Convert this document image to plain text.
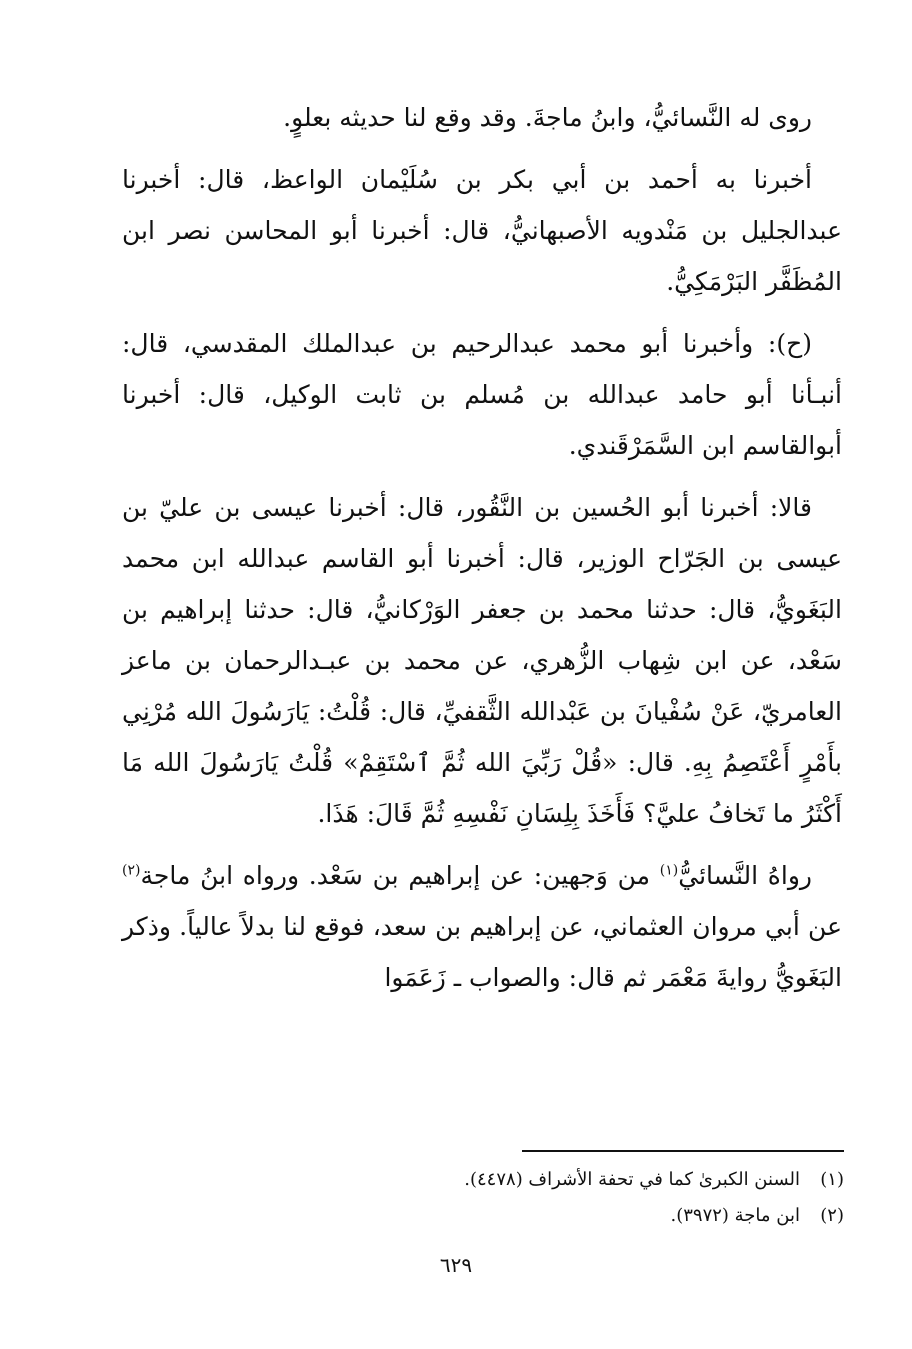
روى له النَّسائيُّ، وابنُ ماجةَ. وقد وقع لنا حديثه بعلوٍ.

أخبرنا به أحمد بن أبي بكر بن سُلَيْمان الواعظ، قال: أخبرنا عبدالجليل بن مَنْدويه الأصبهانيُّ، قال: أخبرنا أبو المحاسن نصر ابن المُظَفَّر البَرْمَكِيُّ.

(ح): وأخبرنا أبو محمد عبدالرحيم بن عبدالملك المقدسي، قال: أنبـأنا أبو حامد عبدالله بن مُسلم بن ثابت الوكيل، قال: أخبرنا أبوالقاسم ابن السَّمَرْقَندي.

قالا: أخبرنا أبو الحُسين بن النَّقُور، قال: أخبرنا عيسى بن عليّ بن عيسى بن الجَرّاح الوزير، قال: أخبرنا أبو القاسم عبدالله ابن محمد البَغَويُّ، قال: حدثنا محمد بن جعفر الوَرْكانيُّ، قال: حدثنا إبراهيم بن سَعْد، عن ابن شِهاب الزُّهري، عن محمد بن عبـدالرحمان بن ماعز العامريّ، عَنْ سُفْيانَ بن عَبْدالله الثَّقفيِّ، قال: قُلْتُ: يَارَسُولَ الله مُرْنِي بأَمْرٍ أَعْتَصِمُ بِهِ. قال: «قُلْ رَبِّيَ الله ثُمَّ ٱسْتَقِمْ» قُلْتُ يَارَسُولَ الله مَا أَكْثَرُ ما تَخافُ عليَّ؟ فَأَخَذَ بِلِسَانِ نَفْسِهِ ثُمَّ قَالَ: هَذَا.

رواهُ النَّسائيُّ$^{(١)}$ من وَجهين: عن إبراهيم بن سَعْد. ورواه ابنُ ماجة$^{(٢)}$ عن أبي مروان العثماني، عن إبراهيم بن سعد، فوقع لنا بدلاً عالياً. وذكر البَغَويُّ روايةَ مَعْمَر ثم قال: والصواب ـ زَعَمَوا

(١)السنن الكبرىٰ كما في تحفة الأشراف (٤٤٧٨).

(٢)ابن ماجة (٣٩٧٢).

٦٢٩
